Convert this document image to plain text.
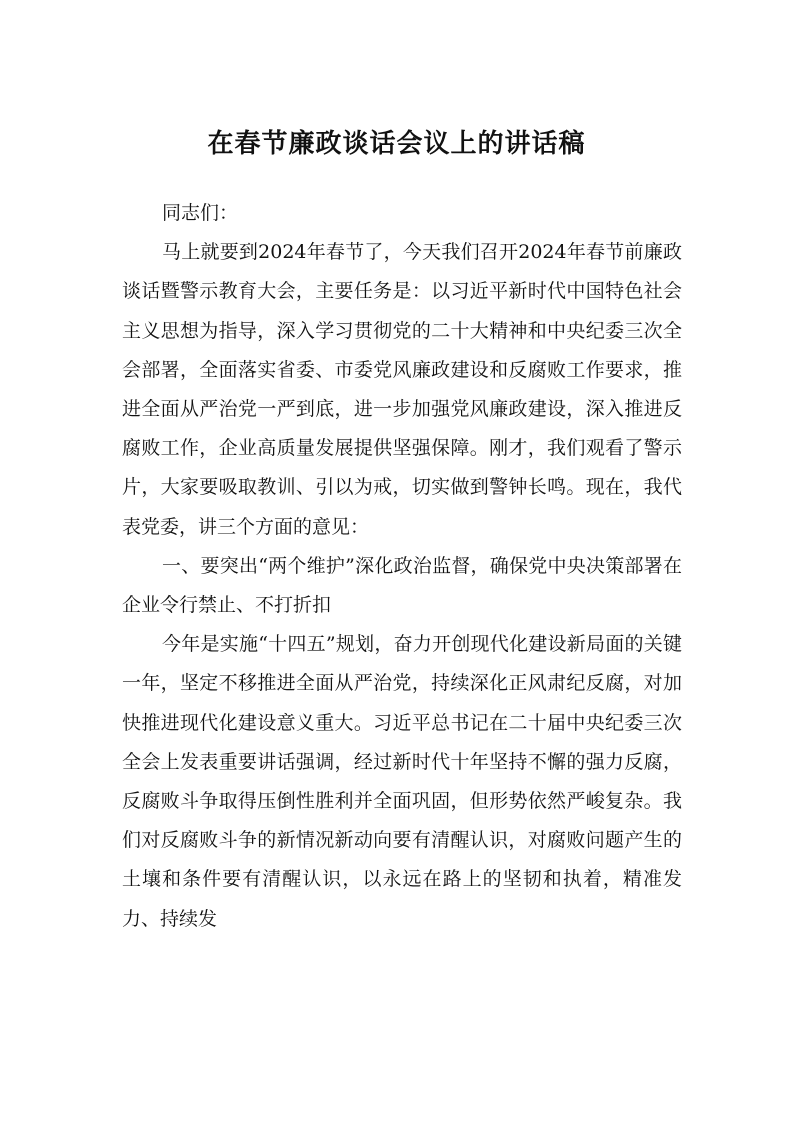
在春节廉政谈话会议上的讲话稿

同志们：

马上就要到2024年春节了，今天我们召开2024年春节前廉政谈话暨警示教育大会，主要任务是：以习近平新时代中国特色社会主义思想为指导，深入学习贯彻党的二十大精神和中央纪委三次全会部署，全面落实省委、市委党风廉政建设和反腐败工作要求，推进全面从严治党一严到底，进一步加强党风廉政建设，深入推进反腐败工作，企业高质量发展提供坚强保障。刚才，我们观看了警示片，大家要吸取教训、引以为戒，切实做到警钟长鸣。现在，我代表党委，讲三个方面的意见：

一、要突出“两个维护”深化政治监督，确保党中央决策部署在企业令行禁止、不打折扣

今年是实施“十四五”规划，奋力开创现代化建设新局面的关键一年，坚定不移推进全面从严治党，持续深化正风肃纪反腐，对加快推进现代化建设意义重大。习近平总书记在二十届中央纪委三次全会上发表重要讲话强调，经过新时代十年坚持不懈的强力反腐，反腐败斗争取得压倒性胜利并全面巩固，但形势依然严峻复杂。我们对反腐败斗争的新情况新动向要有清醒认识，对腐败问题产生的土壤和条件要有清醒认识，以永远在路上的坚韧和执着，精准发力、持续发
